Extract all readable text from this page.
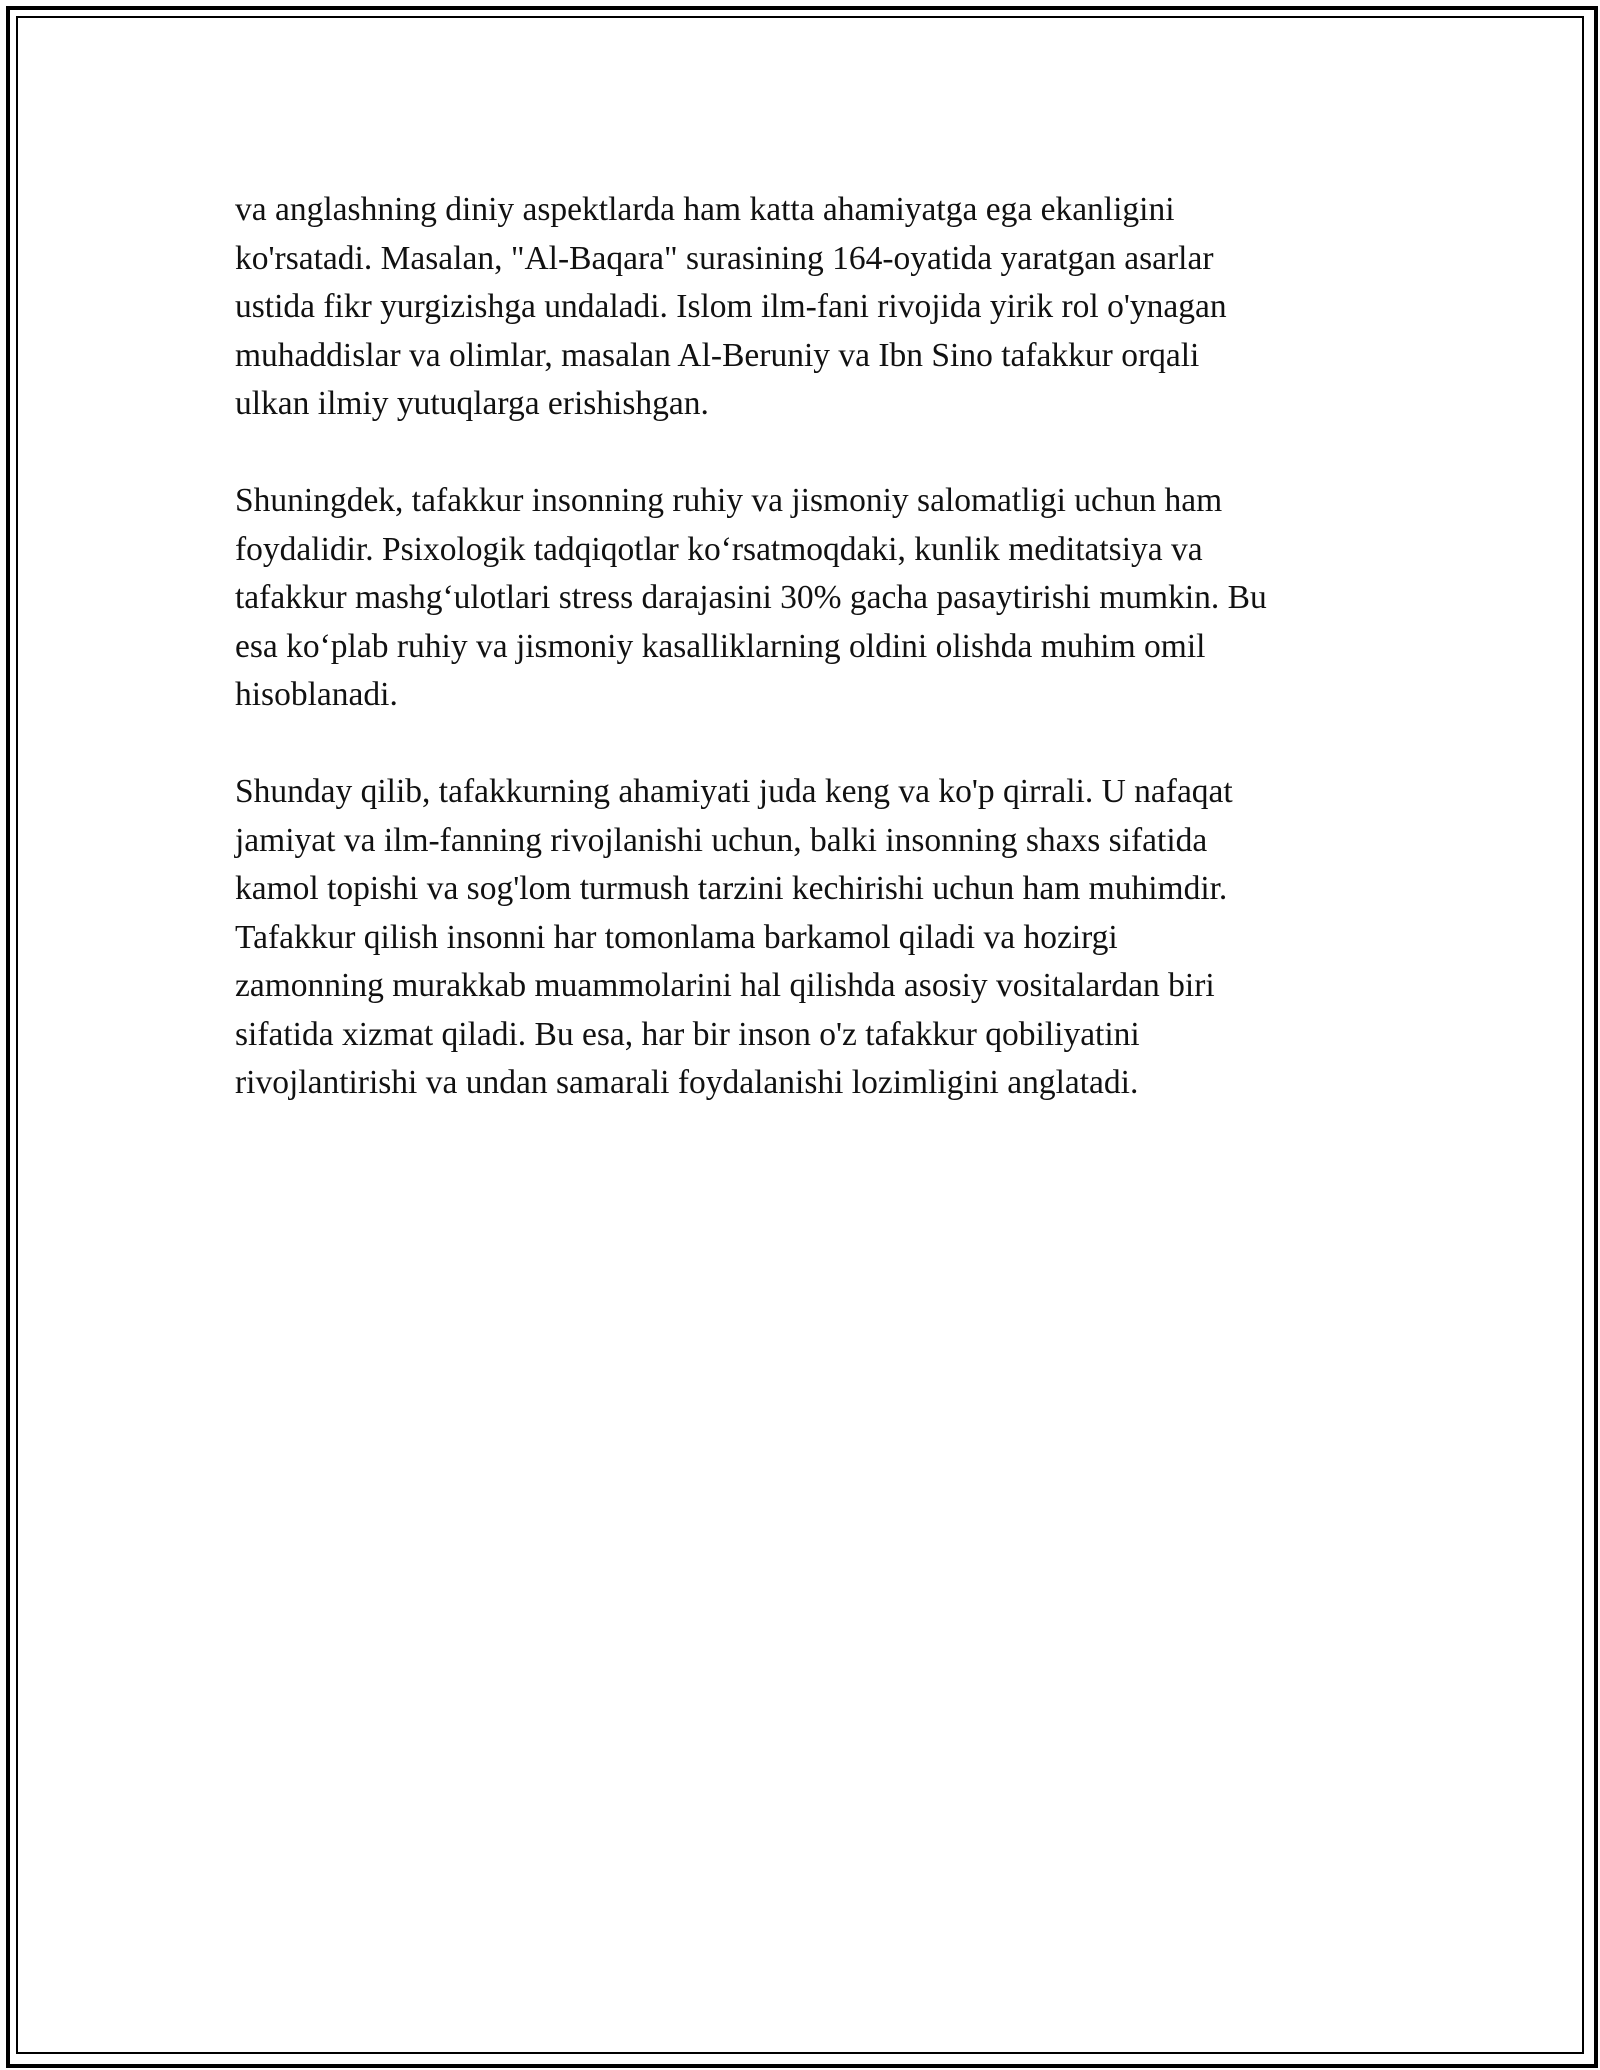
va anglashning diniy aspektlarda ham katta ahamiyatga ega ekanligini
ko'rsatadi. Masalan, "Al-Baqara" surasining 164-oyatida yaratgan asarlar
ustida fikr yurgizishga undaladi. Islom ilm-fani rivojida yirik rol o'ynagan
muhaddislar va olimlar, masalan Al-Beruniy va Ibn Sino tafakkur orqali
ulkan ilmiy yutuqlarga erishishgan.

Shuningdek, tafakkur insonning ruhiy va jismoniy salomatligi uchun ham
foydalidir. Psixologik tadqiqotlar ko‘rsatmoqdaki, kunlik meditatsiya va
tafakkur mashg‘ulotlari stress darajasini 30% gacha pasaytirishi mumkin. Bu
esa ko‘plab ruhiy va jismoniy kasalliklarning oldini olishda muhim omil
hisoblanadi.

Shunday qilib, tafakkurning ahamiyati juda keng va ko'p qirrali. U nafaqat
jamiyat va ilm-fanning rivojlanishi uchun, balki insonning shaxs sifatida
kamol topishi va sog'lom turmush tarzini kechirishi uchun ham muhimdir.
Tafakkur qilish insonni har tomonlama barkamol qiladi va hozirgi
zamonning murakkab muammolarini hal qilishda asosiy vositalardan biri
sifatida xizmat qiladi. Bu esa, har bir inson o'z tafakkur qobiliyatini
rivojlantirishi va undan samarali foydalanishi lozimligini anglatadi.
